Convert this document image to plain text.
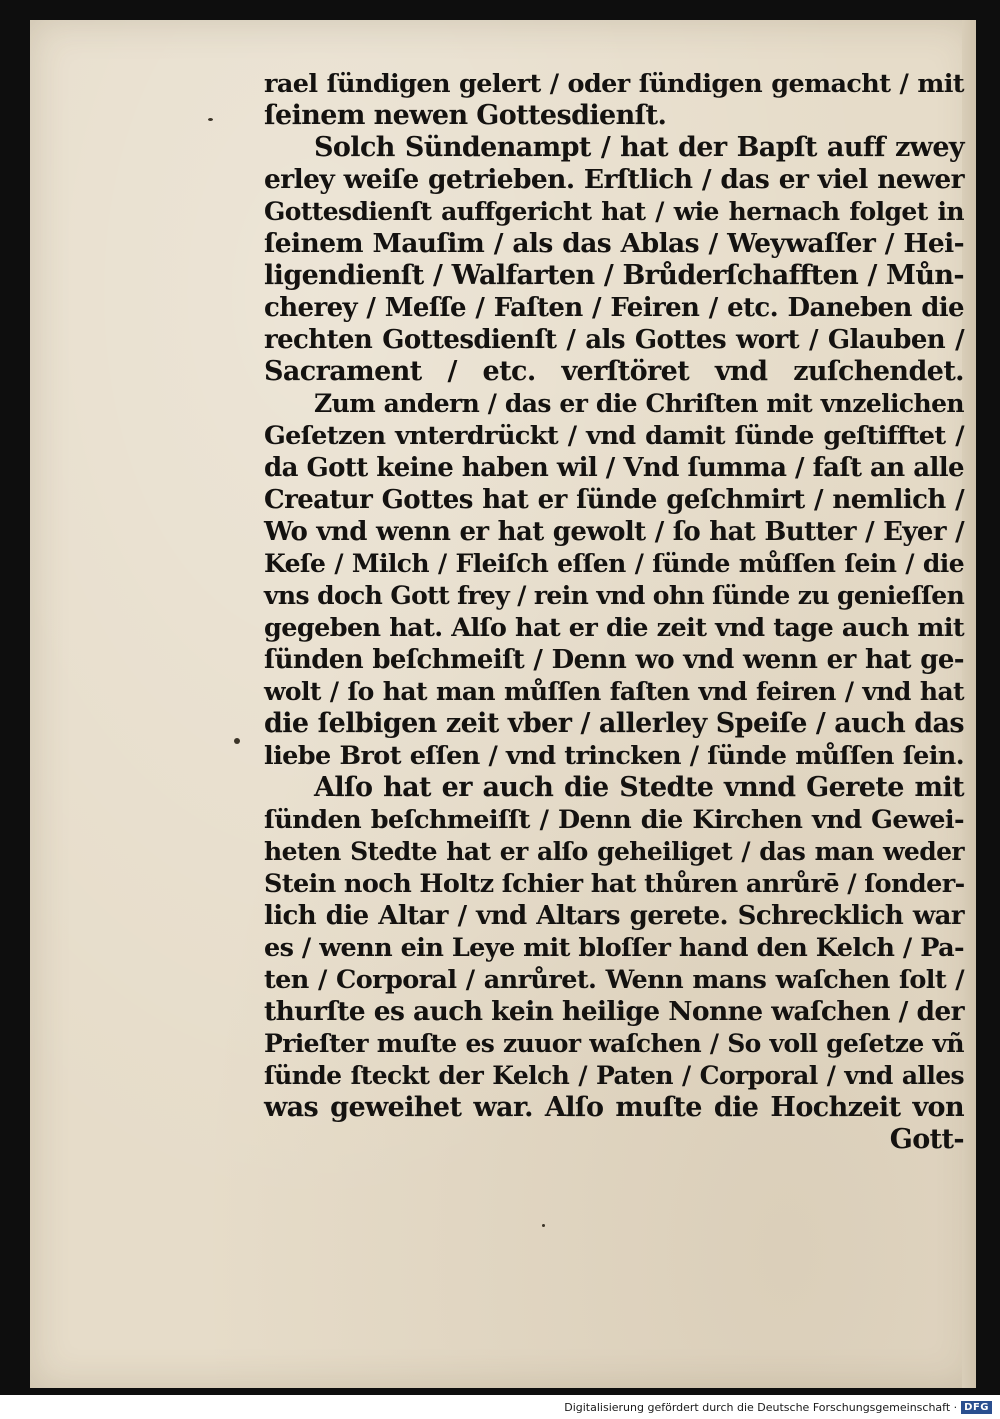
rael ſündigen gelert / oder ſündigen gemacht / mit
ſeinem newen Gottesdienſt.
Solch Sündenampt / hat der Bapſt auff zwey
erley weiſe getrieben. Erſtlich / das er viel newer
Gottesdienſt auffgericht hat / wie hernach folget in
ſeinem Mauſim / als das Ablas / Weywaſſer / Hei-
ligendienſt / Walfarten / Brůderſchafften / Můn-
cherey / Meſſe / Faſten / Feiren / etc. Daneben die
rechten Gottesdienſt / als Gottes wort / Glauben /
Sacrament / etc. verſtöret vnd zuſchendet.
Zum andern / das er die Chriſten mit vnzelichen
Geſetzen vnterdrückt / vnd damit ſünde geſtifftet /
da Gott keine haben wil / Vnd ſumma / faſt an alle
Creatur Gottes hat er ſünde geſchmirt / nemlich /
Wo vnd wenn er hat gewolt / ſo hat Butter / Eyer /
Keſe / Milch / Fleiſch eſſen / ſünde můſſen ſein / die
vns doch Gott frey / rein vnd ohn ſünde zu genieſſen
gegeben hat. Alſo hat er die zeit vnd tage auch mit
ſünden beſchmeiſt / Denn wo vnd wenn er hat ge-
wolt / ſo hat man můſſen faſten vnd feiren / vnd hat
die ſelbigen zeit vber / allerley Speiſe / auch das
liebe Brot eſſen / vnd trincken / ſünde můſſen ſein.
Alſo hat er auch die Stedte vnnd Gerete mit
ſünden beſchmeiſſt / Denn die Kirchen vnd Gewei-
heten Stedte hat er alſo geheiliget / das man weder
Stein noch Holtz ſchier hat thůren anrůrē / ſonder-
lich die Altar / vnd Altars gerete. Schrecklich war
es / wenn ein Leye mit bloſſer hand den Kelch / Pa-
ten / Corporal / anrůret. Wenn mans waſchen ſolt /
thurſte es auch kein heilige Nonne waſchen / der
Prieſter muſte es zuuor waſchen / So voll geſetze vñ
ſünde ſteckt der Kelch / Paten / Corporal / vnd alles
was geweihet war. Alſo muſte die Hochzeit von
Gott-
Digitalisierung gefördert durch die Deutsche Forschungsgemeinschaft · DFG
